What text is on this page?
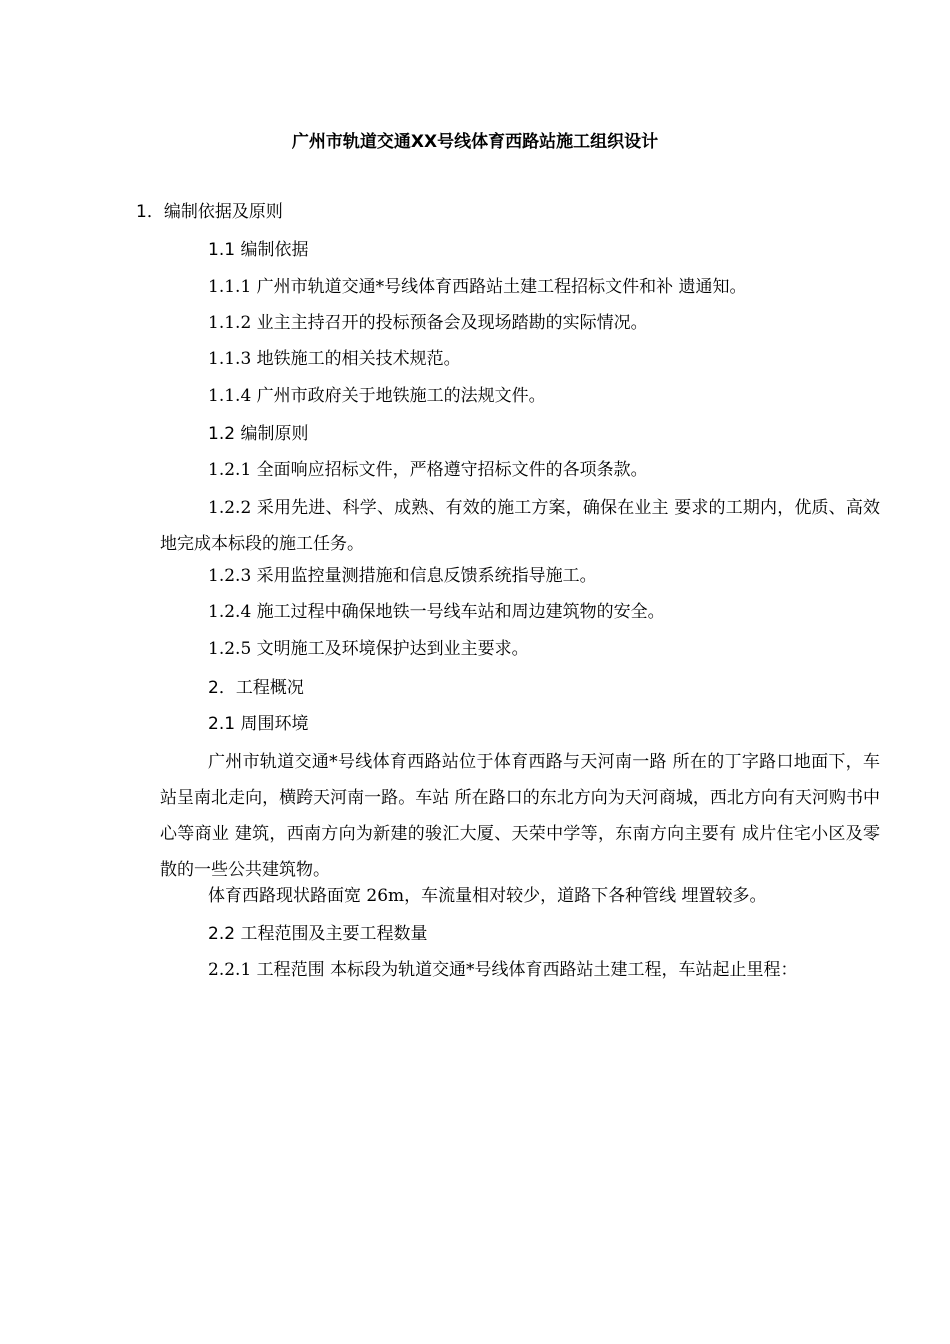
广州市轨道交通XX号线体育西路站施工组织设计
1．编制依据及原则
1.1 编制依据
1.1.1 广州市轨道交通*号线体育西路站土建工程招标文件和补 遗通知。
1.1.2 业主主持召开的投标预备会及现场踏勘的实际情况。
1.1.3 地铁施工的相关技术规范。
1.1.4 广州市政府关于地铁施工的法规文件。
1.2 编制原则
1.2.1 全面响应招标文件，严格遵守招标文件的各项条款。
1.2.2 采用先进、科学、成熟、有效的施工方案，确保在业主 要求的工期内，优质、高效地完成本标段的施工任务。
1.2.3 采用监控量测措施和信息反馈系统指导施工。
1.2.4 施工过程中确保地铁一号线车站和周边建筑物的安全。
1.2.5 文明施工及环境保护达到业主要求。
2．工程概况
2.1 周围环境
广州市轨道交通*号线体育西路站位于体育西路与天河南一路 所在的丁字路口地面下，车站呈南北走向，横跨天河南一路。车站 所在路口的东北方向为天河商城，西北方向有天河购书中心等商业 建筑，西南方向为新建的骏汇大厦、天荣中学等，东南方向主要有 成片住宅小区及零散的一些公共建筑物。
体育西路现状路面宽 26m，车流量相对较少，道路下各种管线 埋置较多。
2.2 工程范围及主要工程数量
2.2.1 工程范围 本标段为轨道交通*号线体育西路站土建工程，车站起止里程：
